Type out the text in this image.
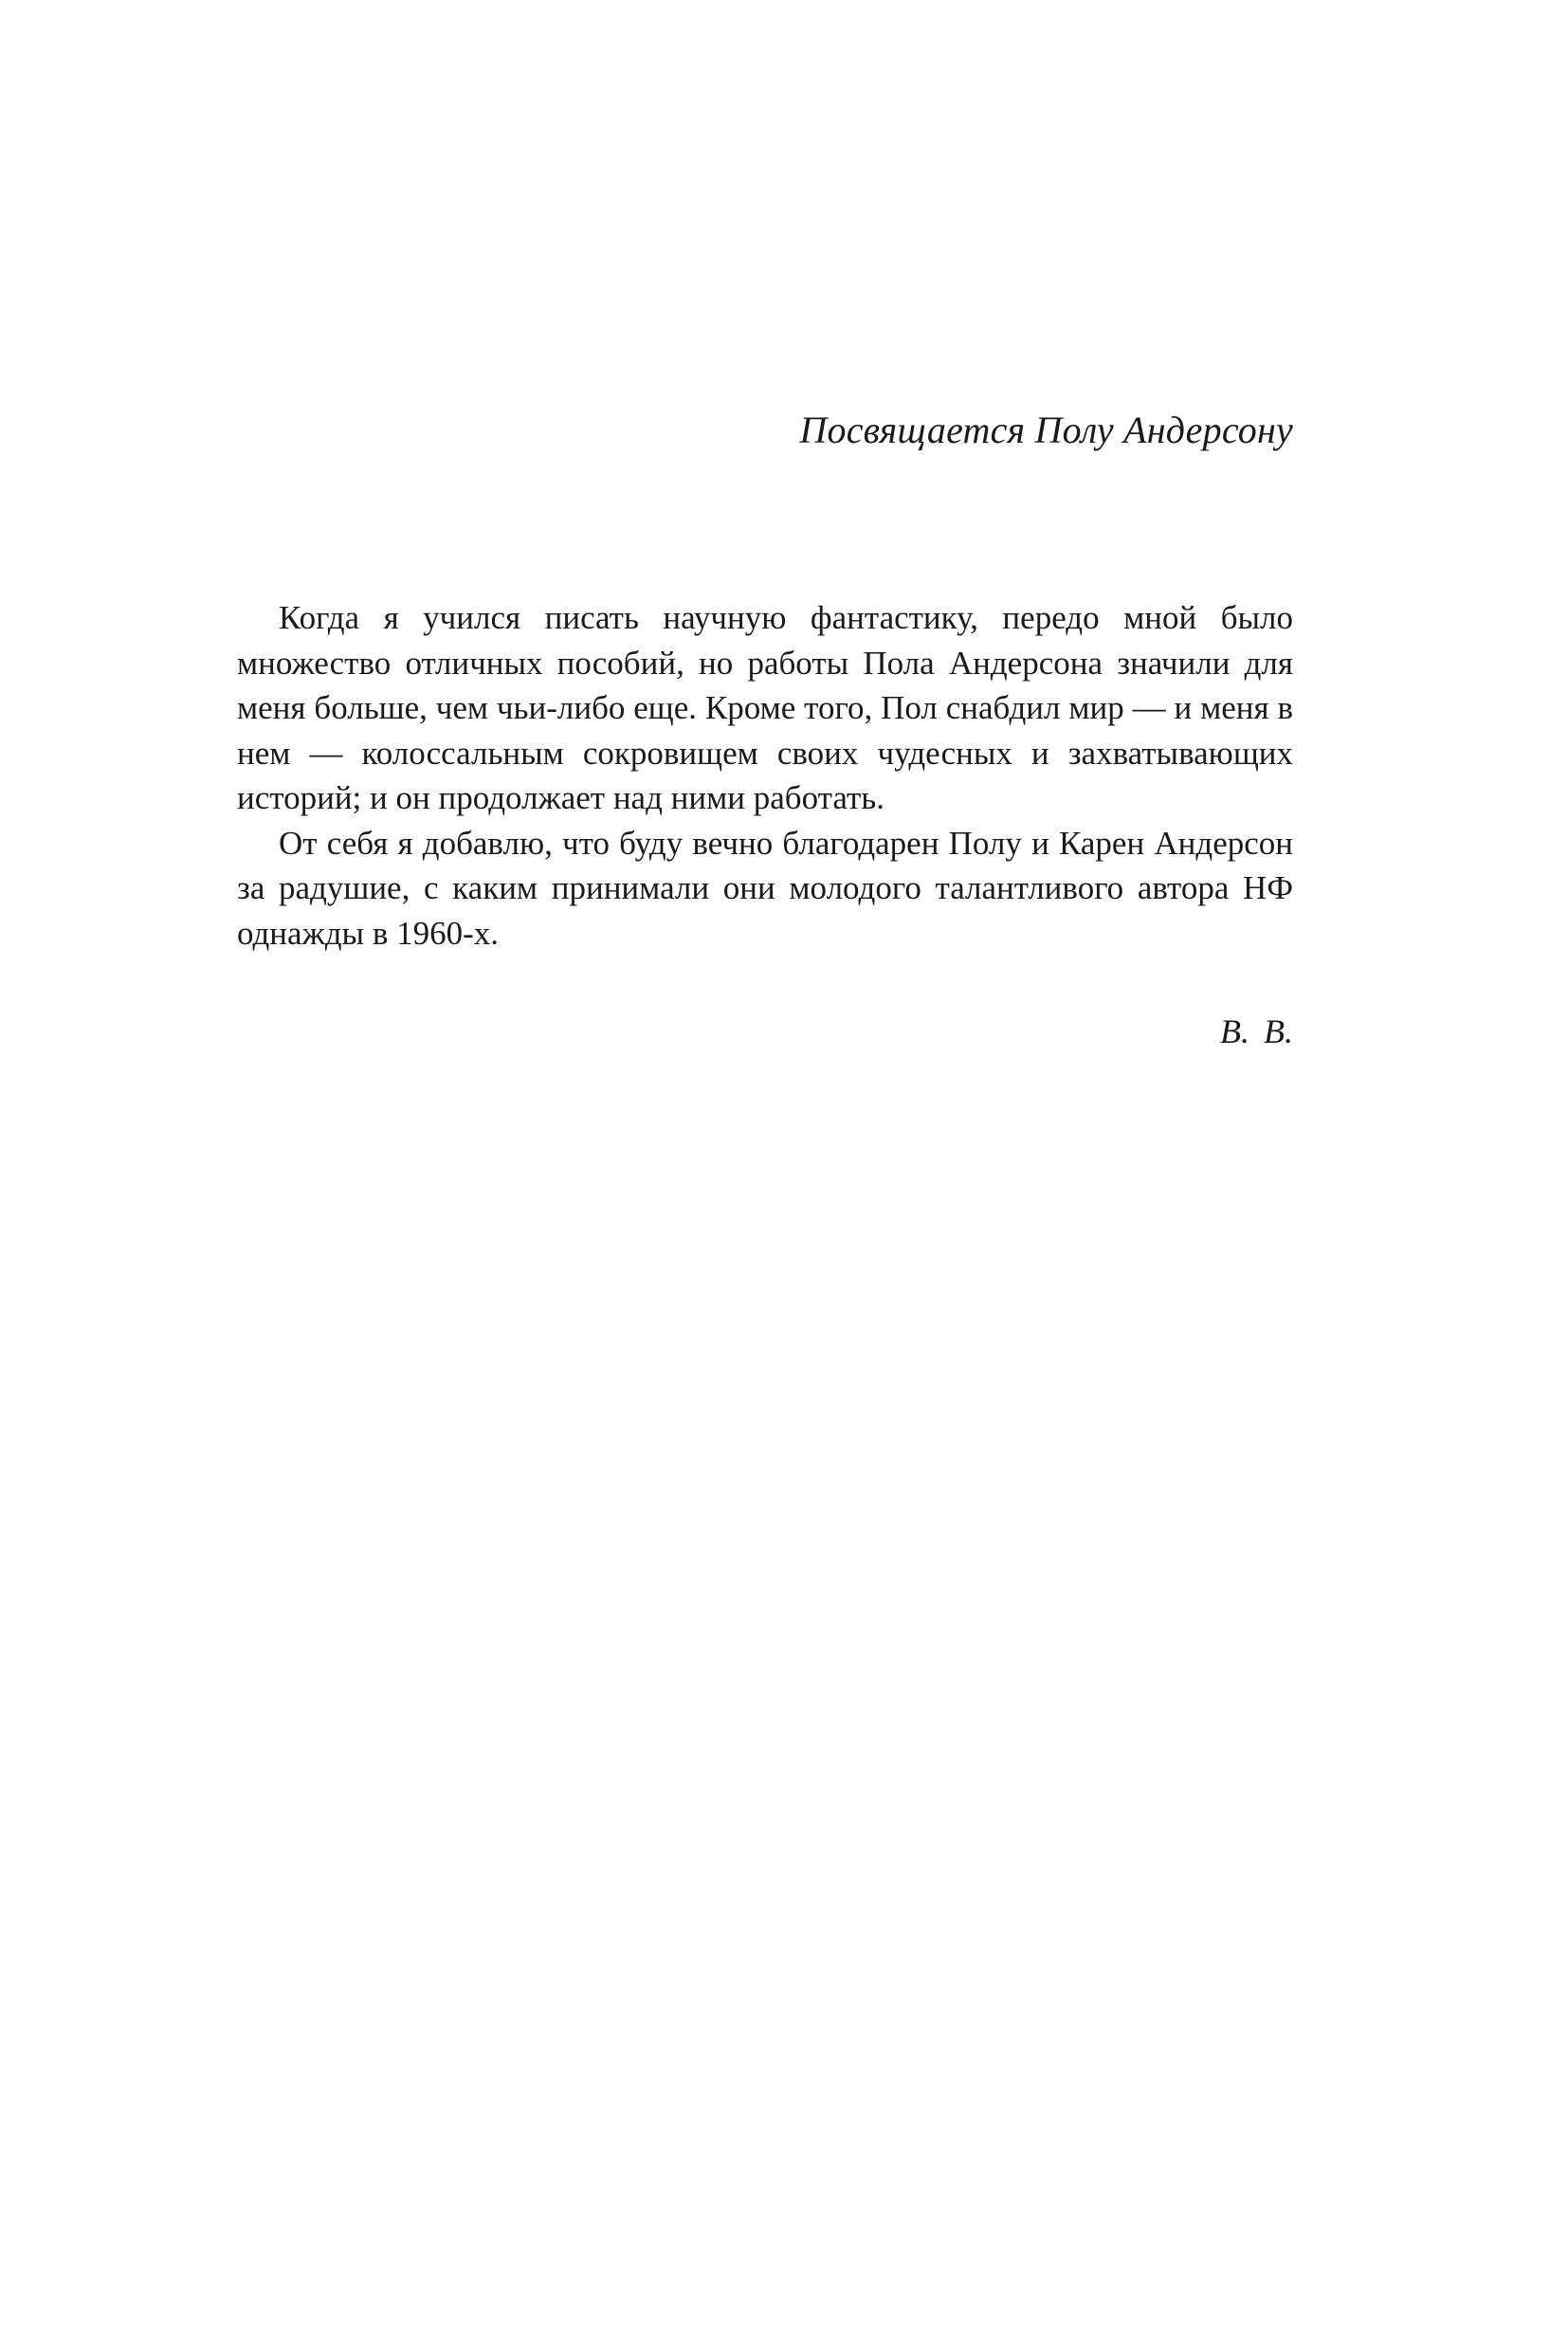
Посвящается Полу Андерсону

Когда я учился писать научную фантастику, передо мной было множество отличных пособий, но работы Пола Андерсона значили для меня больше, чем чьи-либо еще. Кроме того, Пол снабдил мир — и меня в нем — колоссальным сокровищем своих чудесных и захватывающих историй; и он продолжает над ними работать.

От себя я добавлю, что буду вечно благодарен Полу и Карен Андерсон за радушие, с каким принимали они молодого талантливого автора НФ однажды в 1960-х.

В. В.
